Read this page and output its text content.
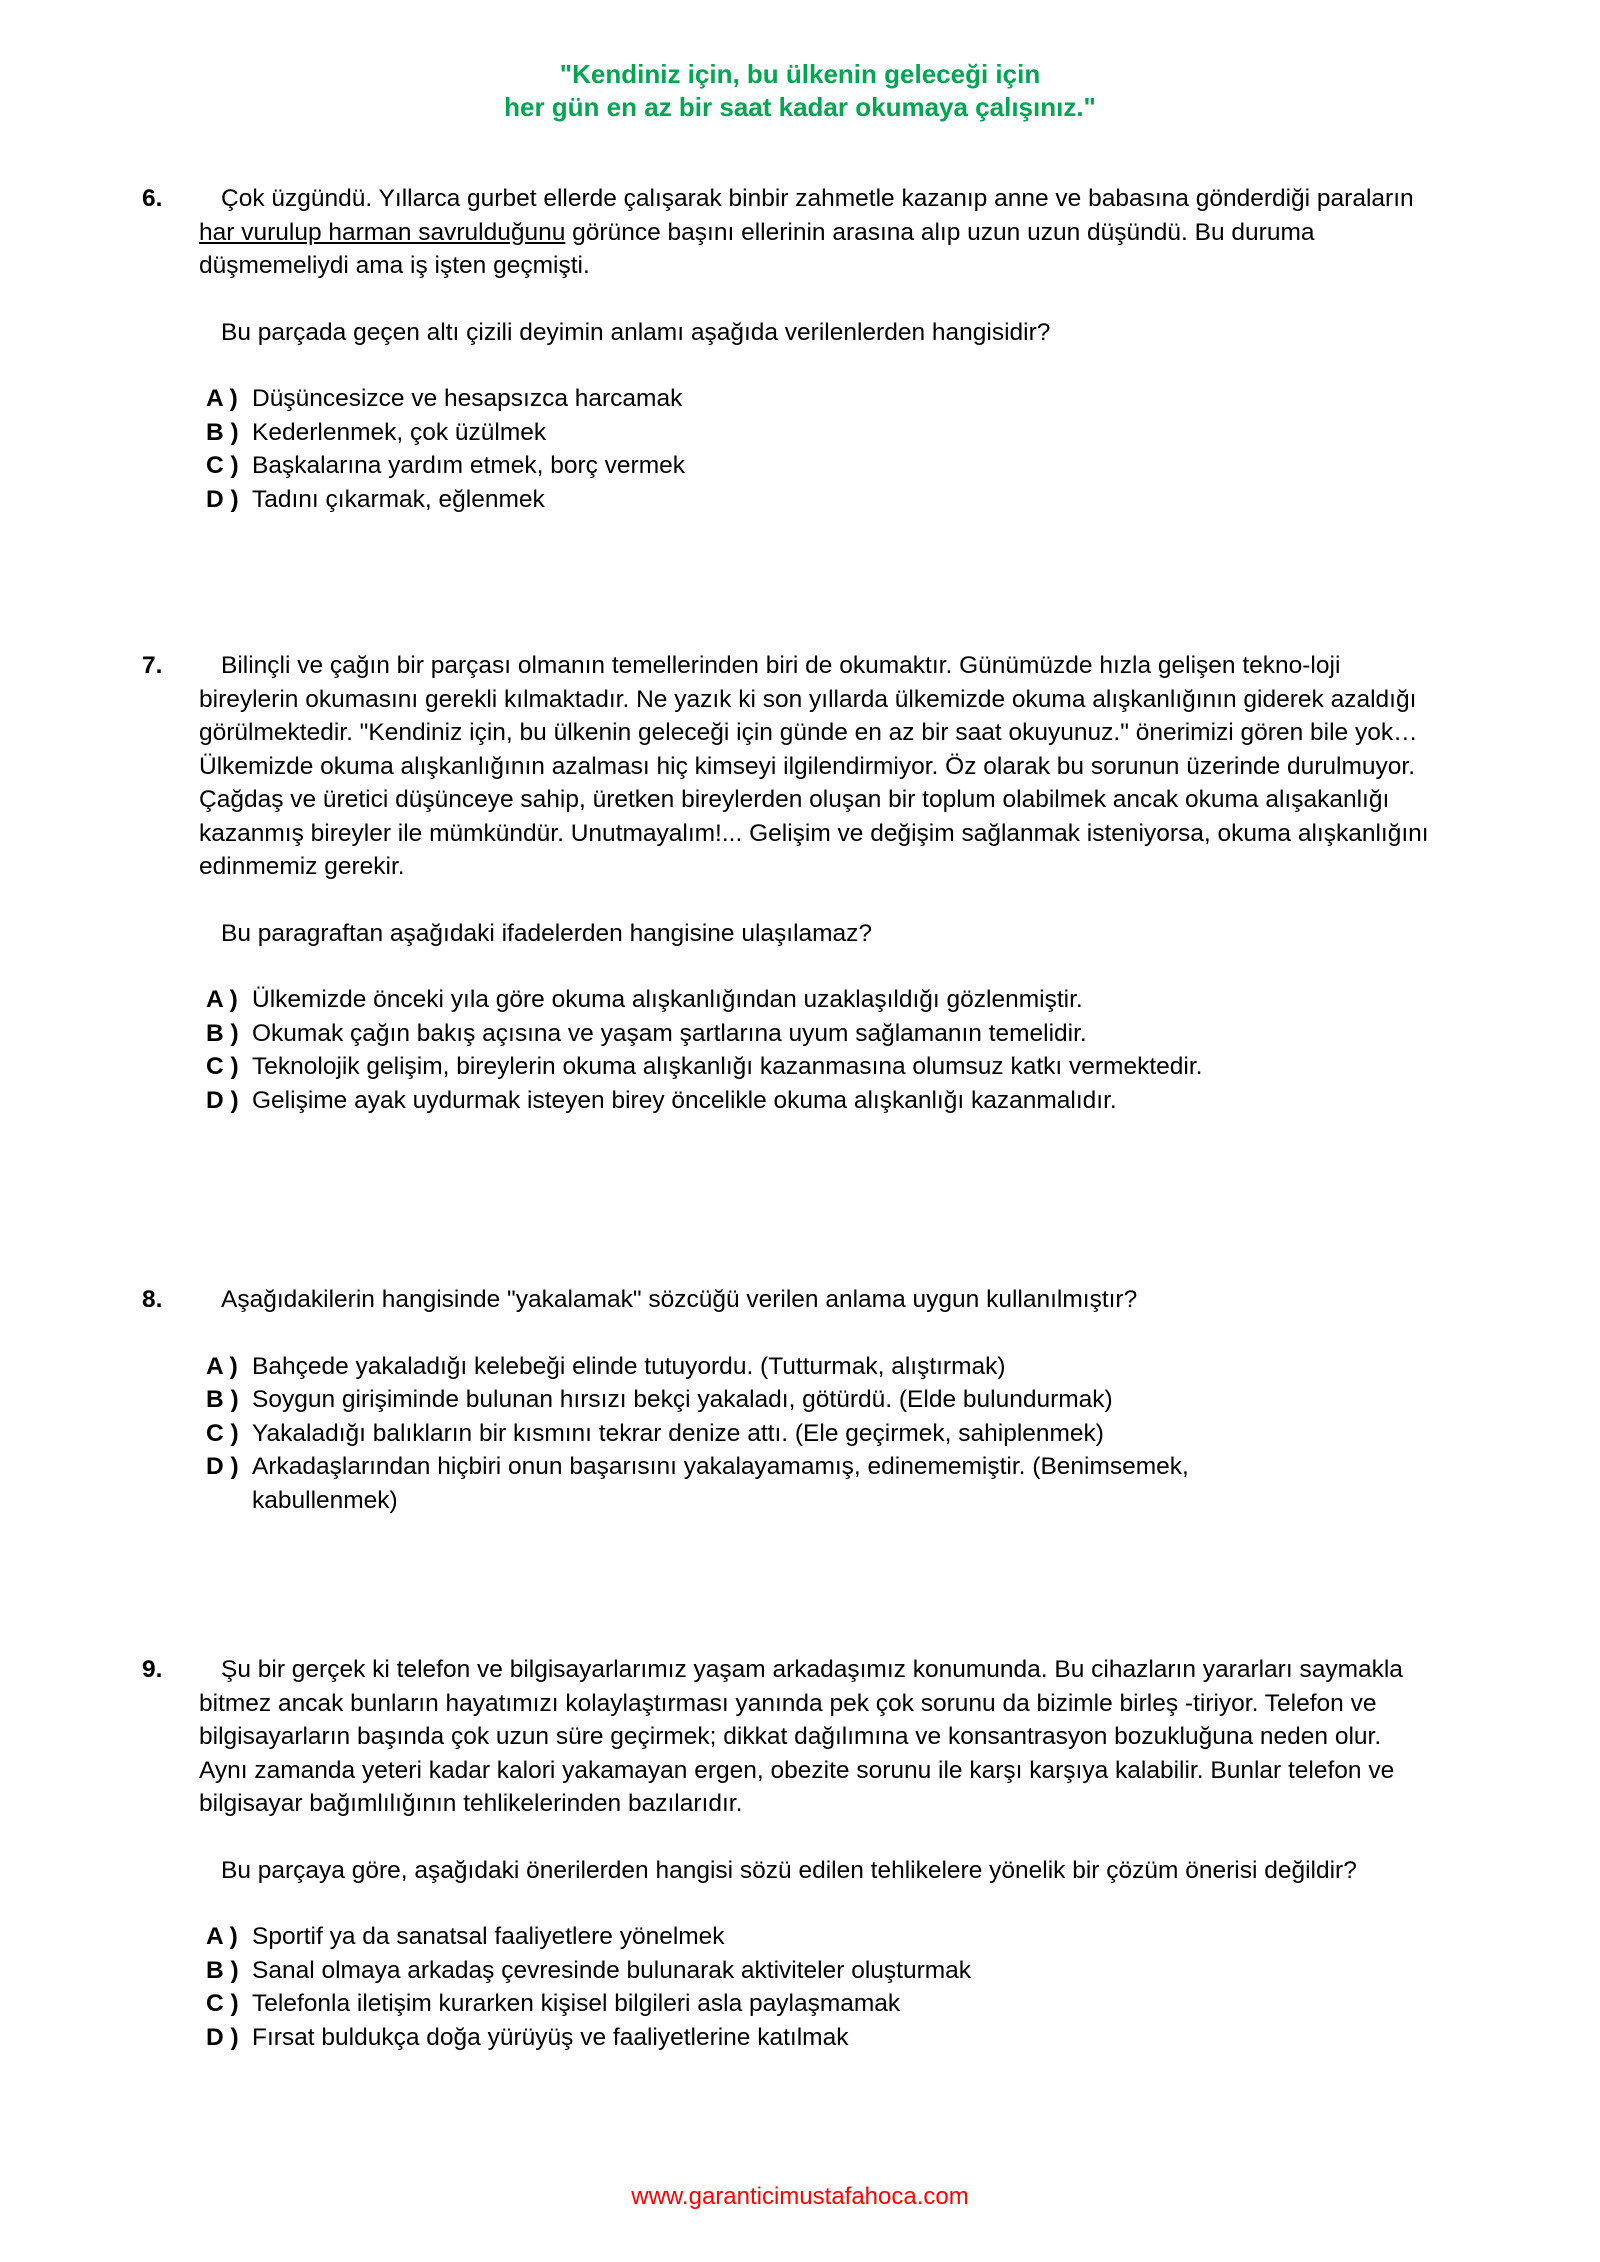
"Kendiniz için, bu ülkenin geleceği için
her gün en az bir saat kadar okumaya çalışınız."
6.	Çok üzgündü. Yıllarca gurbet ellerde çalışarak binbir zahmetle kazanıp anne ve babasına gönderdiği paraların har vurulup harman savrulduğunu görünce başını ellerinin arasına alıp uzun uzun düşündü. Bu duruma düşmemeliydi ama iş işten geçmişti.
Bu parçada geçen altı çizili deyimin anlamı aşağıda verilenlerden hangisidir?
A ) Düşüncesizce ve hesapsızca harcamak
B ) Kederlenmek, çok üzülmek
C ) Başkalarına yardım etmek, borç vermek
D ) Tadını çıkarmak, eğlenmek
7.	Bilinçli ve çağın bir parçası olmanın temellerinden biri de okumaktır. Günümüzde hızla gelişen tekno-loji bireylerin okumasını gerekli kılmaktadır. Ne yazık ki son yıllarda ülkemizde okuma alışkanlığının giderek azaldığı görülmektedir. "Kendiniz için, bu ülkenin geleceği için günde en az bir saat okuyunuz." önerimizi gören bile yok… Ülkemizde okuma alışkanlığının azalması hiç kimseyi ilgilendirmiyor. Öz olarak bu sorunun üzerinde durulmuyor. Çağdaş ve üretici düşünceye sahip, üretken bireylerden oluşan bir toplum olabilmek ancak okuma alışakanlığı kazanmış bireyler ile mümkündür. Unutmayalım!... Gelişim ve değişim sağlanmak isteniyorsa, okuma alışkanlığını edinmemiz gerekir.
Bu paragraftan aşağıdaki ifadelerden hangisine ulaşılamaz?
A ) Ülkemizde önceki yıla göre okuma alışkanlığından uzaklaşıldığı gözlenmiştir.
B ) Okumak çağın bakış açısına ve yaşam şartlarına uyum sağlamanın temelidir.
C ) Teknolojik gelişim, bireylerin okuma alışkanlığı kazanmasına olumsuz katkı vermektedir.
D ) Gelişime ayak uydurmak isteyen birey öncelikle okuma alışkanlığı kazanmalıdır.
8.	Aşağıdakilerin hangisinde "yakalamak" sözcüğü verilen anlama uygun kullanılmıştır?
A ) Bahçede yakaladığı kelebeği elinde tutuyordu. (Tutturmak, alıştırmak)
B ) Soygun girişiminde bulunan hırsızı bekçi yakaladı, götürdü. (Elde bulundurmak)
C ) Yakaladığı balıkların bir kısmını tekrar denize attı. (Ele geçirmek, sahiplenmek)
D ) Arkadaşlarından hiçbiri onun başarısını yakalayamamış, edinememiştir. (Benimsemek, kabullenmek)
9.	Şu bir gerçek ki telefon ve bilgisayarlarımız yaşam arkadaşımız konumunda. Bu cihazların yararları saymakla bitmez ancak bunların hayatımızı kolaylaştırması yanında pek çok sorunu da bizimle birleş -tiriyor. Telefon ve bilgisayarların başında çok uzun süre geçirmek; dikkat dağılımına ve konsantrasyon bozukluğuna neden olur. Aynı zamanda yeteri kadar kalori yakamayan ergen, obezite sorunu ile karşı karşıya kalabilir. Bunlar telefon ve bilgisayar bağımlılığının tehlikelerinden bazılarıdır.
Bu parçaya göre, aşağıdaki önerilerden hangisi sözü edilen tehlikelere yönelik bir çözüm önerisi değildir?
A ) Sportif ya da sanatsal faaliyetlere yönelmek
B ) Sanal olmaya arkadaş çevresinde bulunarak aktiviteler oluşturmak
C ) Telefonla iletişim kurarken kişisel bilgileri asla paylaşmamak
D ) Fırsat buldukça doğa yürüyüş ve faaliyetlerine katılmak
www.garanticimustafahoca.com
